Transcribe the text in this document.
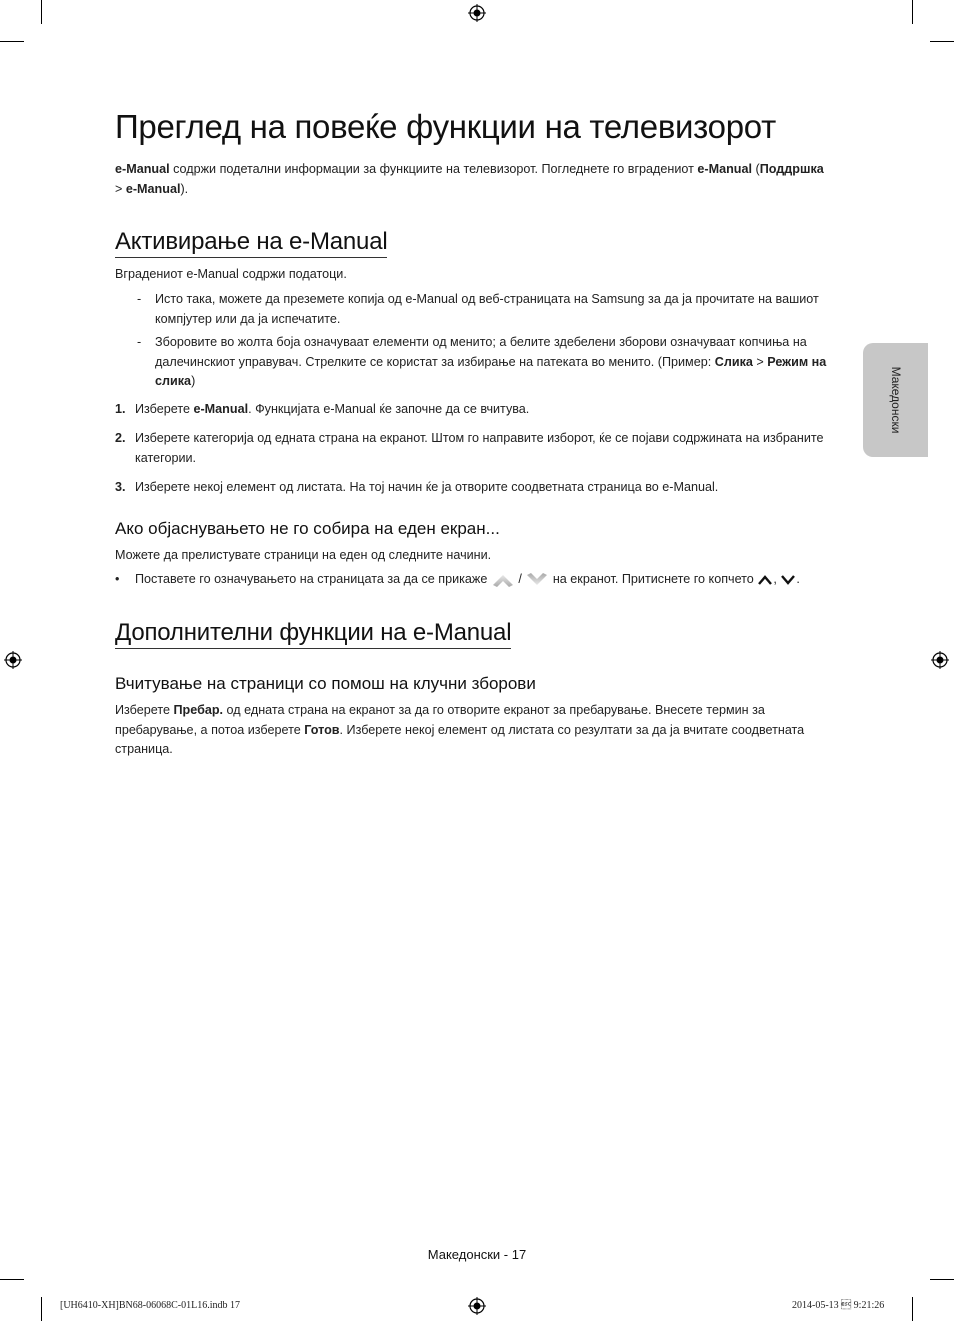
Преглед на повеќе функции на телевизорот

e-Manual содржи подетални информации за функциите на телевизорот. Погледнете го вградениот e-Manual (Поддршка
> e-Manual).

Активирање на e-Manual

Вградениот e-Manual содржи податоци.

- Исто така, можете да преземете копија од e-Manual од веб-страницата на Samsung за да ја прочитате на вашиот компјутер или да ја испечатите.
- Зборовите во жолта боја означуваат елементи од менито; а белите здебелени зборови означуваат копчиња на далечинскиот управувач. Стрелките се користат за избирање на патеката во менито. (Пример: Слика > Режим на слика)
1. Изберете e-Manual. Функцијата e-Manual ќе започне да се вчитува.
2. Изберете категорија од едната страна на екранот. Штом го направите изборот, ќе се појави содржината на избраните категории.
3. Изберете некој елемент од листата. На тој начин ќе ја отворите соодветната страница во e-Manual.
Ако објаснувањето не го собира на еден екран...

Можете да прелистувате страници на еден од следните начини.

• Поставете го означувањето на страницата за да се прикаже  /  на екранот. Притиснете го копчето , .
Дополнителни функции на e-Manual
Вчитување на страници со помош на клучни зборови

Изберете Пребар. од едната страна на екранот за да го отворите екранот за пребарување. Внесете термин за пребарување, а потоа изберете Готов. Изберете некој елемент од листата со резултати за да ја вчитате соодветната страница.

Македонски
Македонски - 17
[UH6410-XH]BN68-06068C-01L16.indb 17	2014-05-13  9:21:26
